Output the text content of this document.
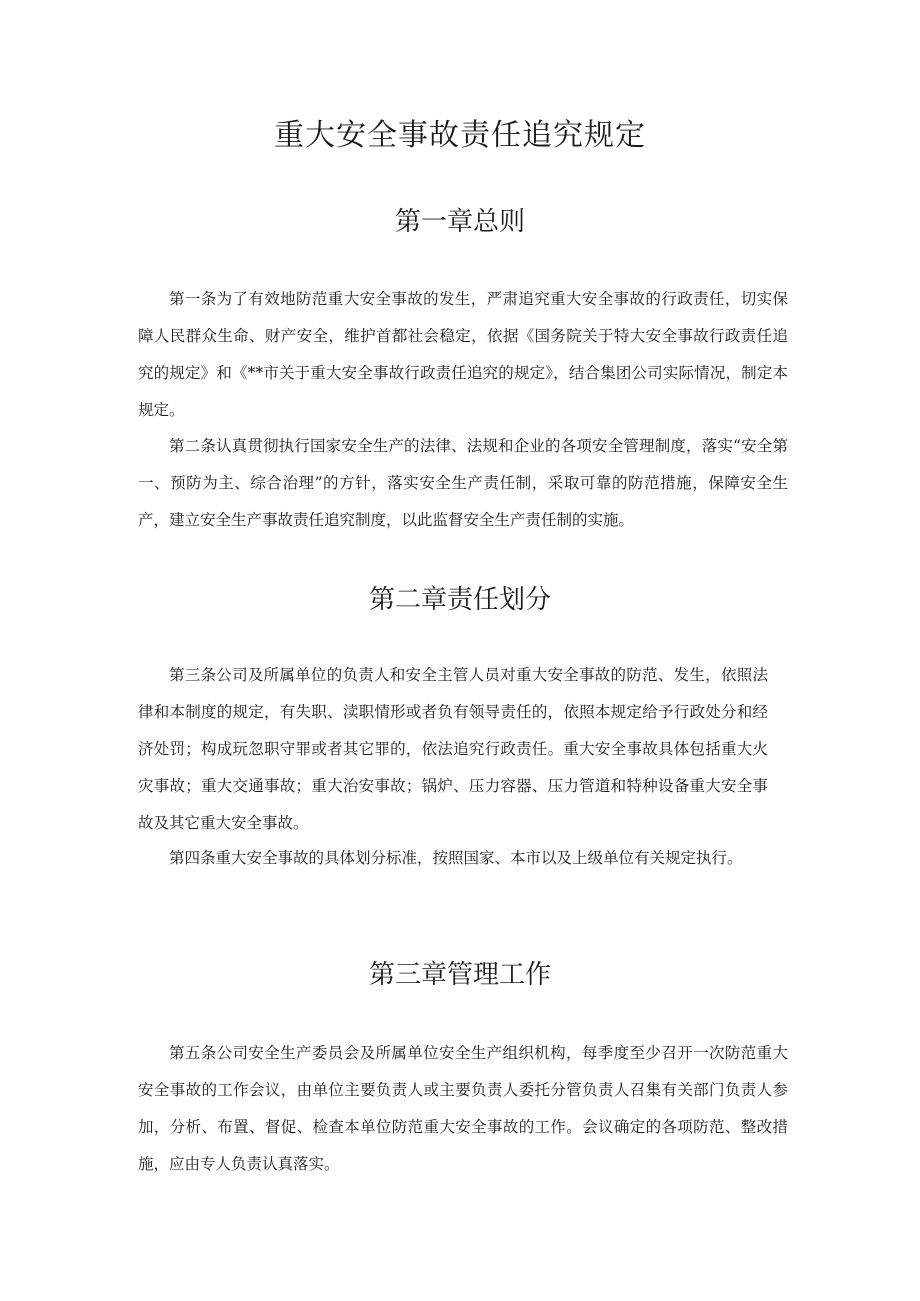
重大安全事故责任追究规定
第一章总则

第一条为了有效地防范重大安全事故的发生，严肃追究重大安全事故的行政责任，切实保障人民群众生命、财产安全，维护首都社会稳定，依据《国务院关于特大安全事故行政责任追究的规定》和《**市关于重大安全事故行政责任追究的规定》，结合集团公司实际情况，制定本规定。

第二条认真贯彻执行国家安全生产的法律、法规和企业的各项安全管理制度，落实“安全第一、预防为主、综合治理”的方针，落实安全生产责任制，采取可靠的防范措施，保障安全生产，建立安全生产事故责任追究制度，以此监督安全生产责任制的实施。

第二章责任划分

第三条公司及所属单位的负责人和安全主管人员对重大安全事故的防范、发生，依照法律和本制度的规定，有失职、渎职情形或者负有领导责任的，依照本规定给予行政处分和经济处罚；构成玩忽职守罪或者其它罪的，依法追究行政责任。重大安全事故具体包括重大火灾事故；重大交通事故；重大治安事故；锅炉、压力容器、压力管道和特种设备重大安全事故及其它重大安全事故。

第四条重大安全事故的具体划分标准，按照国家、本市以及上级单位有关规定执行。

第三章管理工作

第五条公司安全生产委员会及所属单位安全生产组织机构，每季度至少召开一次防范重大安全事故的工作会议，由单位主要负责人或主要负责人委托分管负责人召集有关部门负责人参加，分析、布置、督促、检查本单位防范重大安全事故的工作。会议确定的各项防范、整改措施，应由专人负责认真落实。
